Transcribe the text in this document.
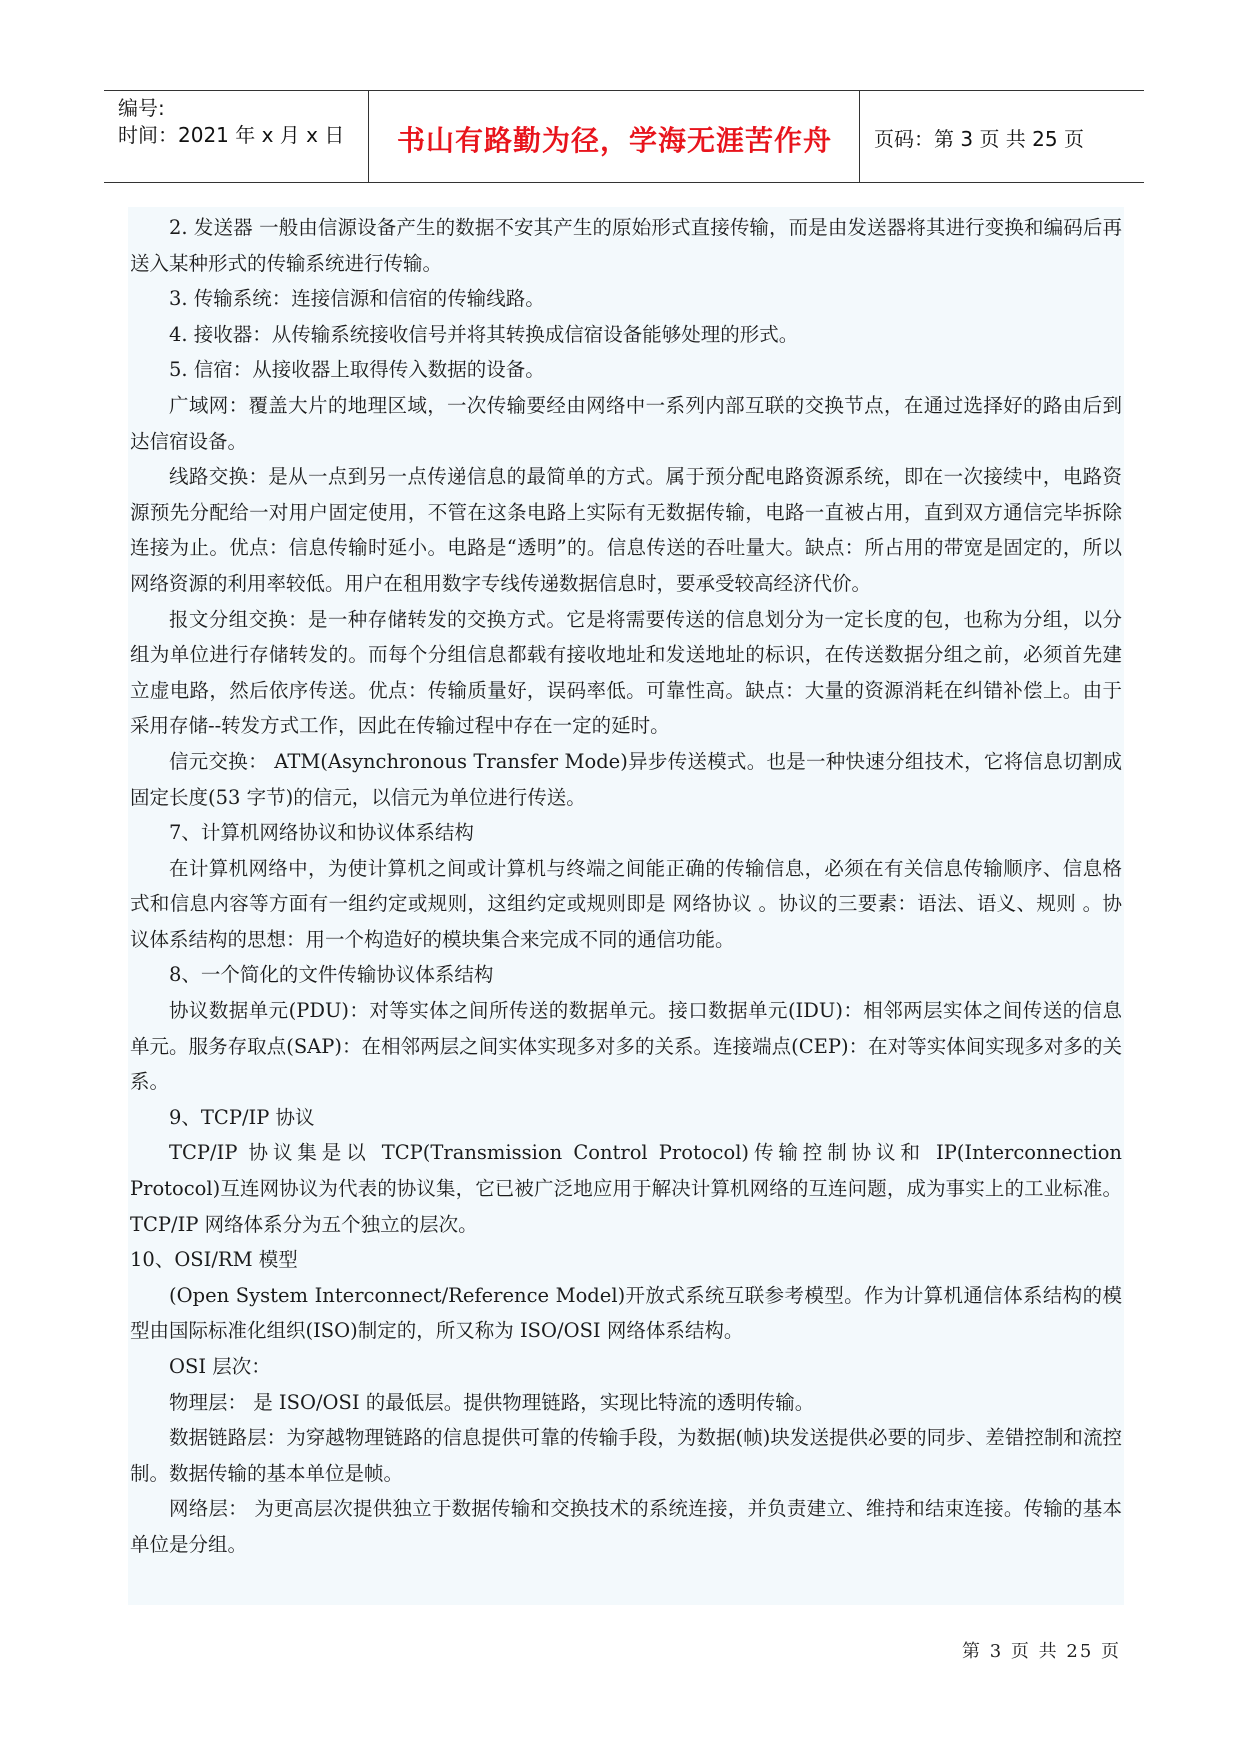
编号:
时间：2021 年 x 月 x 日	书山有路勤为径，学海无涯苦作舟	页码：第 3 页 共 25 页

2. 发送器 一般由信源设备产生的数据不安其产生的原始形式直接传输，而是由发送器将其进行变换和编码后再送入某种形式的传输系统进行传输。

3. 传输系统：连接信源和信宿的传输线路。

4. 接收器：从传输系统接收信号并将其转换成信宿设备能够处理的形式。

5. 信宿：从接收器上取得传入数据的设备。

广域网：覆盖大片的地理区域，一次传输要经由网络中一系列内部互联的交换节点，在通过选择好的路由后到达信宿设备。

线路交换：是从一点到另一点传递信息的最简单的方式。属于预分配电路资源系统，即在一次接续中，电路资源预先分配给一对用户固定使用，不管在这条电路上实际有无数据传输，电路一直被占用，直到双方通信完毕拆除连接为止。优点：信息传输时延小。电路是“透明”的。信息传送的吞吐量大。缺点：所占用的带宽是固定的，所以网络资源的利用率较低。用户在租用数字专线传递数据信息时，要承受较高经济代价。

报文分组交换：是一种存储转发的交换方式。它是将需要传送的信息划分为一定长度的包，也称为分组，以分组为单位进行存储转发的。而每个分组信息都载有接收地址和发送地址的标识，在传送数据分组之前，必须首先建立虚电路，然后依序传送。优点：传输质量好，误码率低。可靠性高。缺点：大量的资源消耗在纠错补偿上。由于采用存储--转发方式工作，因此在传输过程中存在一定的延时。

信元交换： ATM(Asynchronous Transfer Mode)异步传送模式。也是一种快速分组技术，它将信息切割成固定长度(53 字节)的信元，以信元为单位进行传送。

7、计算机网络协议和协议体系结构

在计算机网络中，为使计算机之间或计算机与终端之间能正确的传输信息，必须在有关信息传输顺序、信息格式和信息内容等方面有一组约定或规则，这组约定或规则即是 网络协议 。协议的三要素：语法、语义、规则 。协议体系结构的思想：用一个构造好的模块集合来完成不同的通信功能。

8、一个简化的文件传输协议体系结构

协议数据单元(PDU)：对等实体之间所传送的数据单元。接口数据单元(IDU)：相邻两层实体之间传送的信息单元。服务存取点(SAP)：在相邻两层之间实体实现多对多的关系。连接端点(CEP)：在对等实体间实现多对多的关系。

9、TCP/IP 协议

TCP/IP 协议集是以 TCP(Transmission Control Protocol)传输控制协议和 IP(Interconnection Protocol)互连网协议为代表的协议集，它已被广泛地应用于解决计算机网络的互连问题，成为事实上的工业标准。TCP/IP 网络体系分为五个独立的层次。

10、OSI/RM 模型

(Open System Interconnect/Reference Model)开放式系统互联参考模型。作为计算机通信体系结构的模型由国际标准化组织(ISO)制定的，所又称为 ISO/OSI 网络体系结构。

OSI 层次：

物理层： 是 ISO/OSI 的最低层。提供物理链路，实现比特流的透明传输。

数据链路层：为穿越物理链路的信息提供可靠的传输手段，为数据(帧)块发送提供必要的同步、差错控制和流控制。数据传输的基本单位是帧。

网络层： 为更高层次提供独立于数据传输和交换技术的系统连接，并负责建立、维持和结束连接。传输的基本单位是分组。

第 3 页 共 25 页
